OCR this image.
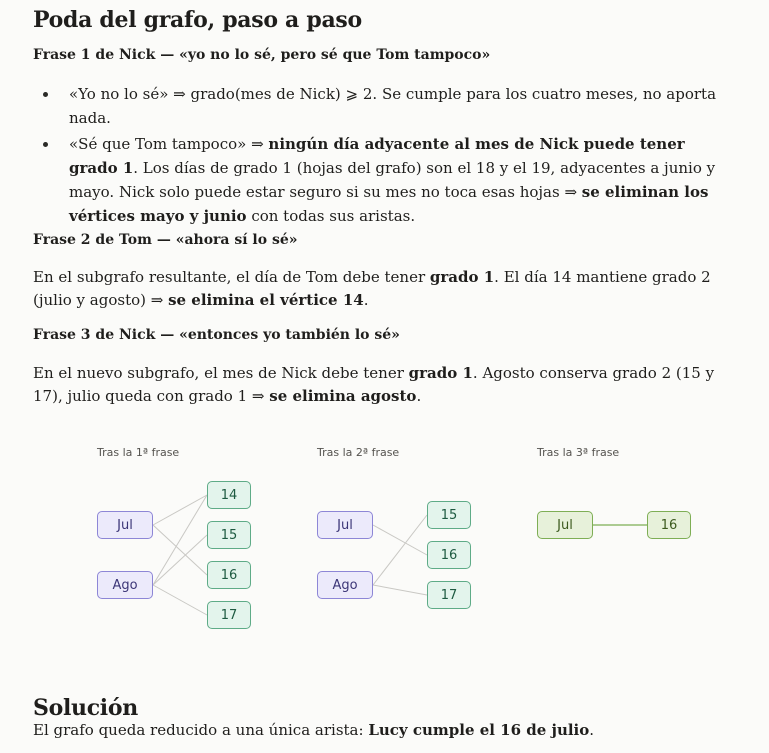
Poda del grafo, paso a paso

Frase 1 de Nick — «yo no lo sé, pero sé que Tom tampoco»

«Yo no lo sé» ⇒ grado(mes de Nick) ⩾ 2. Se cumple para los cuatro meses, no aporta nada.
«Sé que Tom tampoco» ⇒ ningún día adyacente al mes de Nick puede tener grado 1. Los días de grado 1 (hojas del grafo) son el 18 y el 19, adyacentes a junio y mayo. Nick solo puede estar seguro si su mes no toca esas hojas ⇒ se eliminan los vértices mayo y junio con todas sus aristas.

Frase 2 de Tom — «ahora sí lo sé»

En el subgrafo resultante, el día de Tom debe tener grado 1. El día 14 mantiene grado 2 (julio y agosto) ⇒ se elimina el vértice 14.

Frase 3 de Nick — «entonces yo también lo sé»

En el nuevo subgrafo, el mes de Nick debe tener grado 1. Agosto conserva grado 2 (15 y 17), julio queda con grado 1 ⇒ se elimina agosto.

Tras la 1ª frase
Jul
Ago
14
15
16
17
Tras la 2ª frase
Jul
Ago
15
16
17
Tras la 3ª frase
Jul	16
Solución

El grafo queda reducido a una única arista: Lucy cumple el 16 de julio.
